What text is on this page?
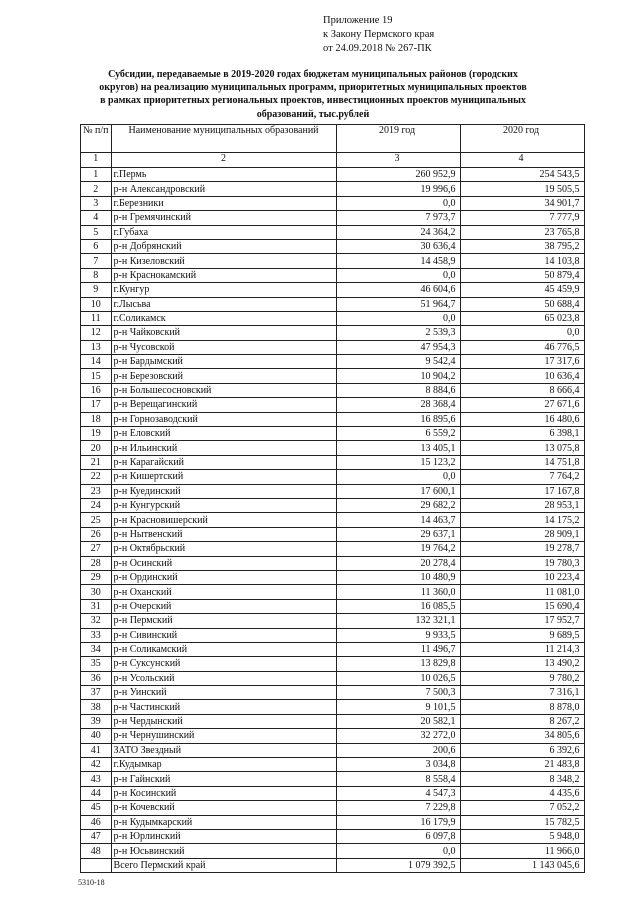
Приложение 19
к Закону Пермского края
от 24.09.2018 № 267-ПК
Субсидии, передаваемые в 2019-2020 годах бюджетам муниципальных районов (городских округов) на реализацию муниципальных программ, приоритетных муниципальных проектов в рамках приоритетных региональных проектов, инвестиционных проектов муниципальных образований, тыс.рублей
№ п/п	Наименование муниципальных образований	2019 год	2020 год
1	2	3	4
1	г.Пермь	260 952,9	254 543,5
2	р-н Александровский	19 996,6	19 505,5
3	г.Березники	0,0	34 901,7
4	р-н Гремячинский	7 973,7	7 777,9
5	г.Губаха	24 364,2	23 765,8
6	р-н Добрянский	30 636,4	38 795,2
7	р-н Кизеловский	14 458,9	14 103,8
8	р-н Краснокамский	0,0	50 879,4
9	г.Кунгур	46 604,6	45 459,9
10	г.Лысьва	51 964,7	50 688,4
11	г.Соликамск	0,0	65 023,8
12	р-н Чайковский	2 539,3	0,0
13	р-н Чусовской	47 954,3	46 776,5
14	р-н Бардымский	9 542,4	17 317,6
15	р-н Березовский	10 904,2	10 636,4
16	р-н Большесосновский	8 884,6	8 666,4
17	р-н Верещагинский	28 368,4	27 671,6
18	р-н Горнозаводский	16 895,6	16 480,6
19	р-н Еловский	6 559,2	6 398,1
20	р-н Ильинский	13 405,1	13 075,8
21	р-н Карагайский	15 123,2	14 751,8
22	р-н Кишертский	0,0	7 764,2
23	р-н Куединский	17 600,1	17 167,8
24	р-н Кунгурский	29 682,2	28 953,1
25	р-н Красновишерский	14 463,7	14 175,2
26	р-н Нытвенский	29 637,1	28 909,1
27	р-н Октябрьский	19 764,2	19 278,7
28	р-н Осинский	20 278,4	19 780,3
29	р-н Ординский	10 480,9	10 223,4
30	р-н Оханский	11 360,0	11 081,0
31	р-н Очерский	16 085,5	15 690,4
32	р-н Пермский	132 321,1	17 952,7
33	р-н Сивинский	9 933,5	9 689,5
34	р-н Соликамский	11 496,7	11 214,3
35	р-н Суксунский	13 829,8	13 490,2
36	р-н Усольский	10 026,5	9 780,2
37	р-н Уинский	7 500,3	7 316,1
38	р-н Частинский	9 101,5	8 878,0
39	р-н Чердынский	20 582,1	8 267,2
40	р-н Чернушинский	32 272,0	34 805,6
41	ЗАТО Звездный	200,6	6 392,6
42	г.Кудымкар	3 034,8	21 483,8
43	р-н Гайнский	8 558,4	8 348,2
44	р-н Косинский	4 547,3	4 435,6
45	р-н Кочевский	7 229,8	7 052,2
46	р-н Кудымкарский	16 179,9	15 782,5
47	р-н Юрлинский	6 097,8	5 948,0
48	р-н Юсьвинский	0,0	11 966,0
	Всего Пермский край	1 079 392,5	1 143 045,6
5310-18
